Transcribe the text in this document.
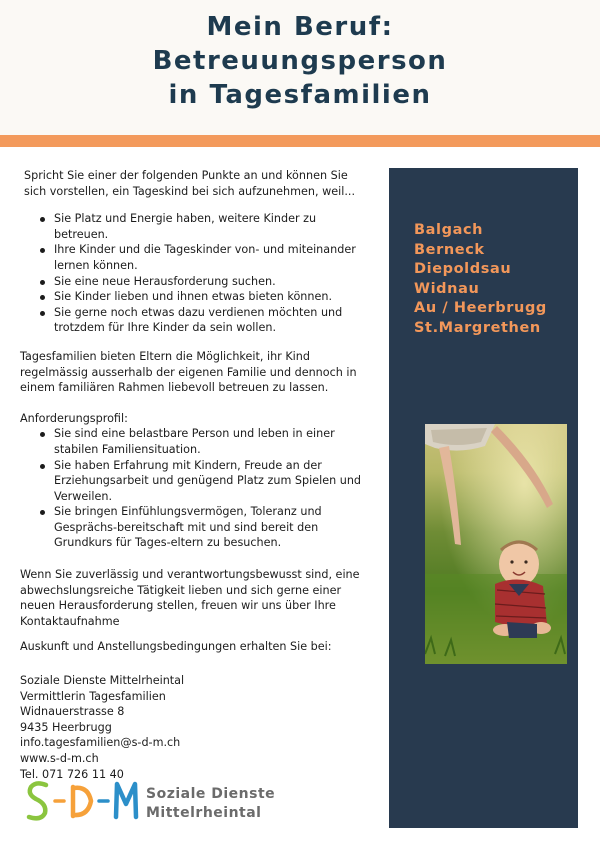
Mein Beruf:
Betreuungsperson
in Tagesfamilien

Spricht Sie einer der folgenden Punkte an und können Sie sich vorstellen, ein Tageskind bei sich aufzunehmen, weil...

Sie Platz und Energie haben, weitere Kinder zu betreuen.
Ihre Kinder und die Tageskinder von- und miteinander lernen können.
Sie eine neue Herausforderung suchen.
Sie Kinder lieben und ihnen etwas bieten können.
Sie gerne noch etwas dazu verdienen möchten und trotzdem für Ihre Kinder da sein wollen.

Tagesfamilien bieten Eltern die Möglichkeit, ihr Kind regelmässig ausserhalb der eigenen Familie und dennoch in einem familiären Rahmen liebevoll betreuen zu lassen.

Anforderungsprofil:

Sie sind eine belastbare Person und leben in einer stabilen Familiensituation.
Sie haben Erfahrung mit Kindern, Freude an der Erziehungsarbeit und genügend Platz zum Spielen und Verweilen.
Sie bringen Einfühlungsvermögen, Toleranz und Gesprächs-bereitschaft mit und sind bereit den Grundkurs für Tages-eltern zu besuchen.

Wenn Sie zuverlässig und verantwortungsbewusst sind, eine abwechslungsreiche Tätigkeit lieben und sich gerne einer neuen Herausforderung stellen, freuen wir uns über Ihre Kontaktaufnahme

Auskunft und Anstellungsbedingungen erhalten Sie bei:

Soziale Dienste Mittelrheintal

Vermittlerin Tagesfamilien

Widnauerstrasse 8

9435 Heerbrugg

info.tagesfamilien@s-d-m.ch

www.s-d-m.ch

Tel. 071 726 11 40

Balgach
Berneck
Diepoldsau
Widnau
Au / Heerbrugg
St.Margrethen
Soziale Dienste
Mittelrheintal
